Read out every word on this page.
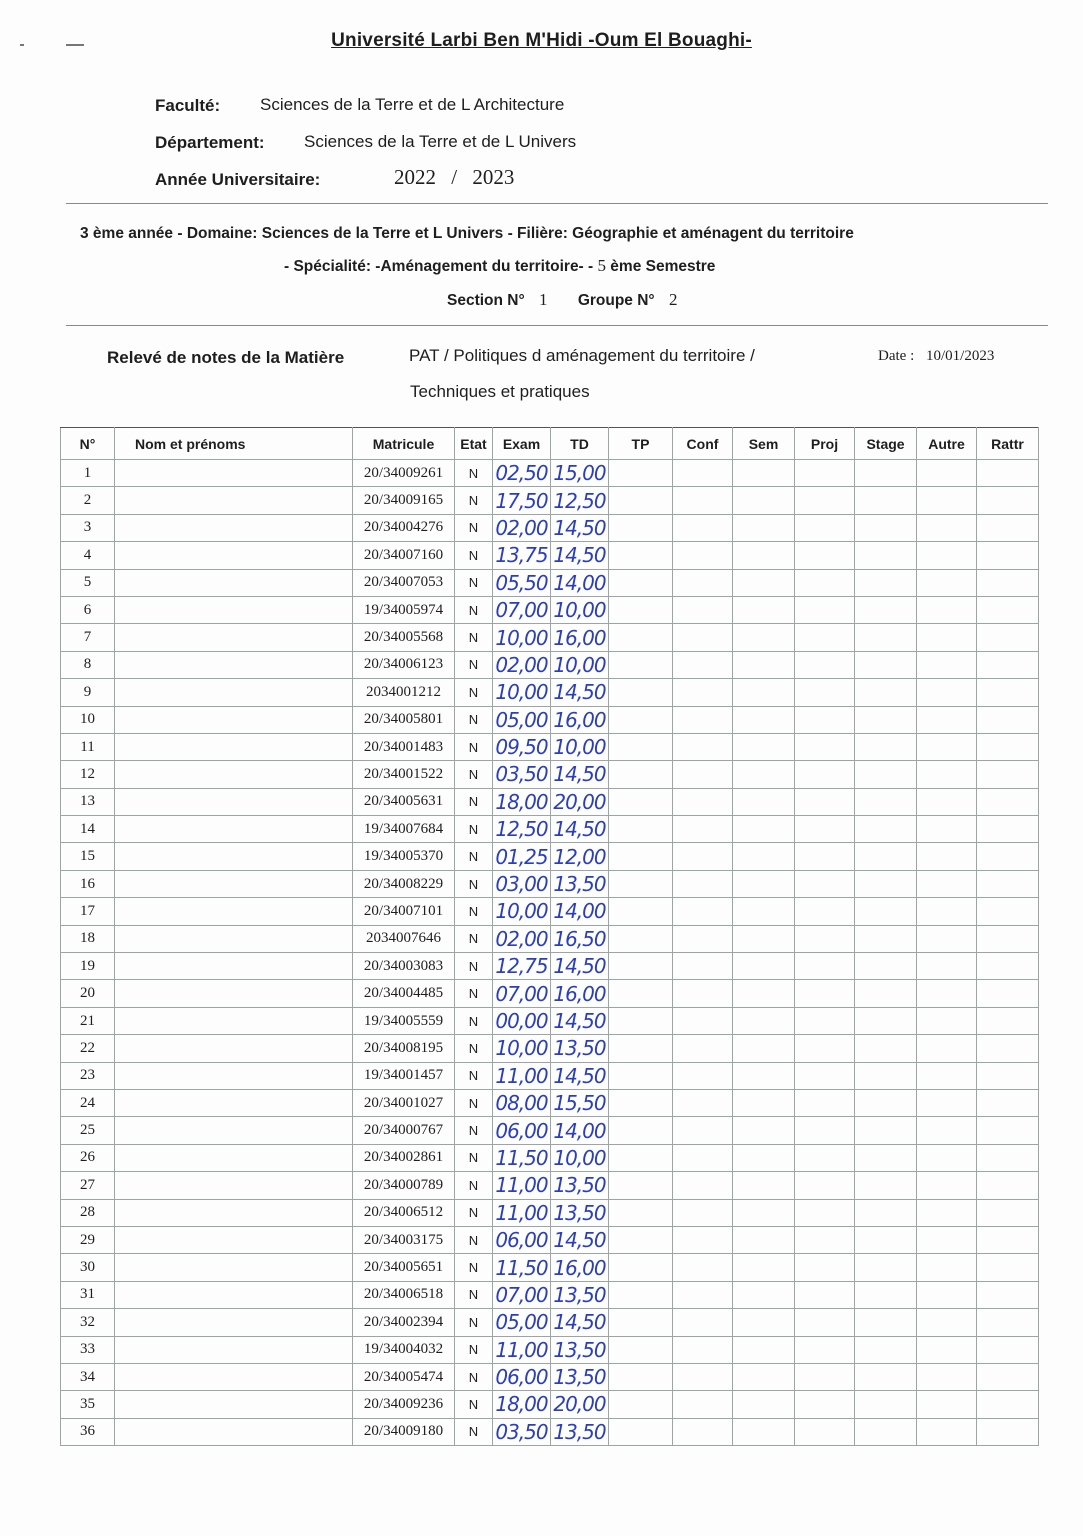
Université Larbi Ben M'Hidi -Oum El Bouaghi-
Faculté: Sciences de la Terre et de L Architecture
Département: Sciences de la Terre et de L Univers
Année Universitaire:	2022 / 2023
3 ème année - Domaine: Sciences de la Terre et L Univers - Filière: Géographie et aménagent du territoire
- Spécialité: -Aménagement du territoire- - 5 ème Semestre
Section N° 1 Groupe N° 2
Relevé de notes de la Matière	PAT / Politiques d aménagement du territoire /
Techniques et pratiques
Date : 10/01/2023
N°	Nom et prénoms	Matricule	Etat	Exam	TD	TP	Conf	Sem	Proj	Stage	Autre	Rattr
1		20/34009261	N	02,50	15,00							
2		20/34009165	N	17,50	12,50							
3		20/34004276	N	02,00	14,50							
4		20/34007160	N	13,75	14,50							
5		20/34007053	N	05,50	14,00							
6		19/34005974	N	07,00	10,00							
7		20/34005568	N	10,00	16,00							
8		20/34006123	N	02,00	10,00							
9		2034001212	N	10,00	14,50							
10		20/34005801	N	05,00	16,00							
11		20/34001483	N	09,50	10,00							
12		20/34001522	N	03,50	14,50							
13		20/34005631	N	18,00	20,00							
14		19/34007684	N	12,50	14,50							
15		19/34005370	N	01,25	12,00							
16		20/34008229	N	03,00	13,50							
17		20/34007101	N	10,00	14,00							
18		2034007646	N	02,00	16,50							
19		20/34003083	N	12,75	14,50							
20		20/34004485	N	07,00	16,00							
21		19/34005559	N	00,00	14,50							
22		20/34008195	N	10,00	13,50							
23		19/34001457	N	11,00	14,50							
24		20/34001027	N	08,00	15,50							
25		20/34000767	N	06,00	14,00							
26		20/34002861	N	11,50	10,00							
27		20/34000789	N	11,00	13,50							
28		20/34006512	N	11,00	13,50							
29		20/34003175	N	06,00	14,50							
30		20/34005651	N	11,50	16,00							
31		20/34006518	N	07,00	13,50							
32		20/34002394	N	05,00	14,50							
33		19/34004032	N	11,00	13,50							
34		20/34005474	N	06,00	13,50							
35		20/34009236	N	18,00	20,00							
36		20/34009180	N	03,50	13,50							
